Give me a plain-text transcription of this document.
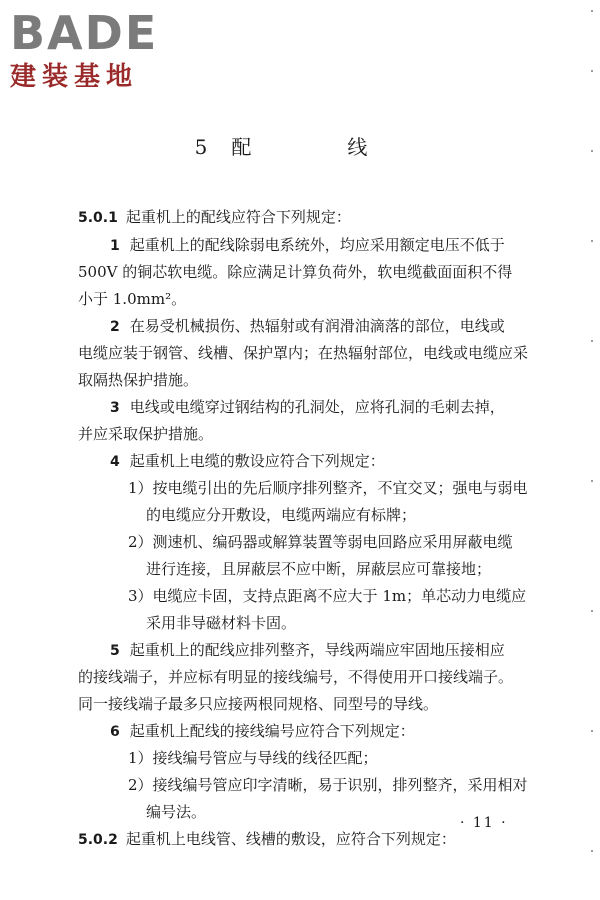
BADE
建装基地
5 配　线
5.0.1 起重机上的配线应符合下列规定：
1 起重机上的配线除弱电系统外，均应采用额定电压不低于
500V 的铜芯软电缆。除应满足计算负荷外，软电缆截面面积不得
小于 1.0mm²。
2 在易受机械损伤、热辐射或有润滑油滴落的部位，电线或
电缆应装于钢管、线槽、保护罩内；在热辐射部位，电线或电缆应采
取隔热保护措施。
3 电线或电缆穿过钢结构的孔洞处，应将孔洞的毛刺去掉，
并应采取保护措施。
4 起重机上电缆的敷设应符合下列规定：
1）按电缆引出的先后顺序排列整齐，不宜交叉；强电与弱电
的电缆应分开敷设，电缆两端应有标牌；
2）测速机、编码器或解算装置等弱电回路应采用屏蔽电缆
进行连接，且屏蔽层不应中断，屏蔽层应可靠接地；
3）电缆应卡固，支持点距离不应大于 1m；单芯动力电缆应
采用非导磁材料卡固。
5 起重机上的配线应排列整齐，导线两端应牢固地压接相应
的接线端子，并应标有明显的接线编号，不得使用开口接线端子。
同一接线端子最多只应接两根同规格、同型号的导线。
6 起重机上配线的接线编号应符合下列规定：
1）接线编号管应与导线的线径匹配；
2）接线编号管应印字清晰，易于识别，排列整齐，采用相对
编号法。
5.0.2 起重机上电线管、线槽的敷设，应符合下列规定：
· 11 ·
